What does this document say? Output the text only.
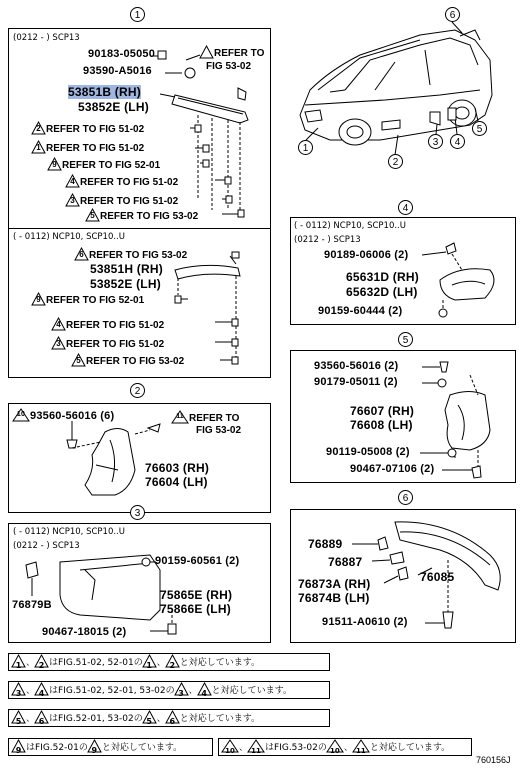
1
(0212 - ) SCP13
90183-05050
93590-A5016
53851B (RH)
53852E (LH)
REFER TO
FIG 53-02
2 REFER TO FIG 51-02
1 REFER TO FIG 51-02
9 REFER TO FIG 52-01
4 REFER TO FIG 51-02
3 REFER TO FIG 51-02
5 REFER TO FIG 53-02
( - 0112) NCP10, SCP10..U
6 REFER TO FIG 53-02
53851H (RH)
53852E (LH)
9 REFER TO FIG 52-01
4 REFER TO FIG 51-02
3 REFER TO FIG 51-02
5 REFER TO FIG 53-02
2
10 93560-56016 (6)	11 REFER TO
FIG 53-02
76603 (RH)
76604 (LH)
3
( - 0112) NCP10, SCP10..U
(0212 - ) SCP13
90159-60561 (2)
76879B
75865E (RH)
75866E (LH)
90467-18015 (2)
6
1
2
3	4
5
4
( - 0112) NCP10, SCP10..U
(0212 - ) SCP13
90189-06006 (2)
65631D (RH)
65632D (LH)
90159-60444 (2)
5
93560-56016 (2)
90179-05011 (2)
76607 (RH)
76608 (LH)
90119-05008 (2)
90467-07106 (2)
6
76889
76887
76873A (RH)
76874B (LH)
76085
91511-A0610 (2)
1 、 2 はFIG.51-02, 52-01の 1 、 2 と対応しています。
3 、 4 はFIG.51-02, 52-01, 53-02の 3 、 4 と対応しています。
5 、 6 はFIG.52-01, 53-02の 5 、 6 と対応しています。
9 はFIG.52-01の 9 と対応しています。	10 、 11 はFIG.53-02の 10 、 11 と対応しています。
760156J
